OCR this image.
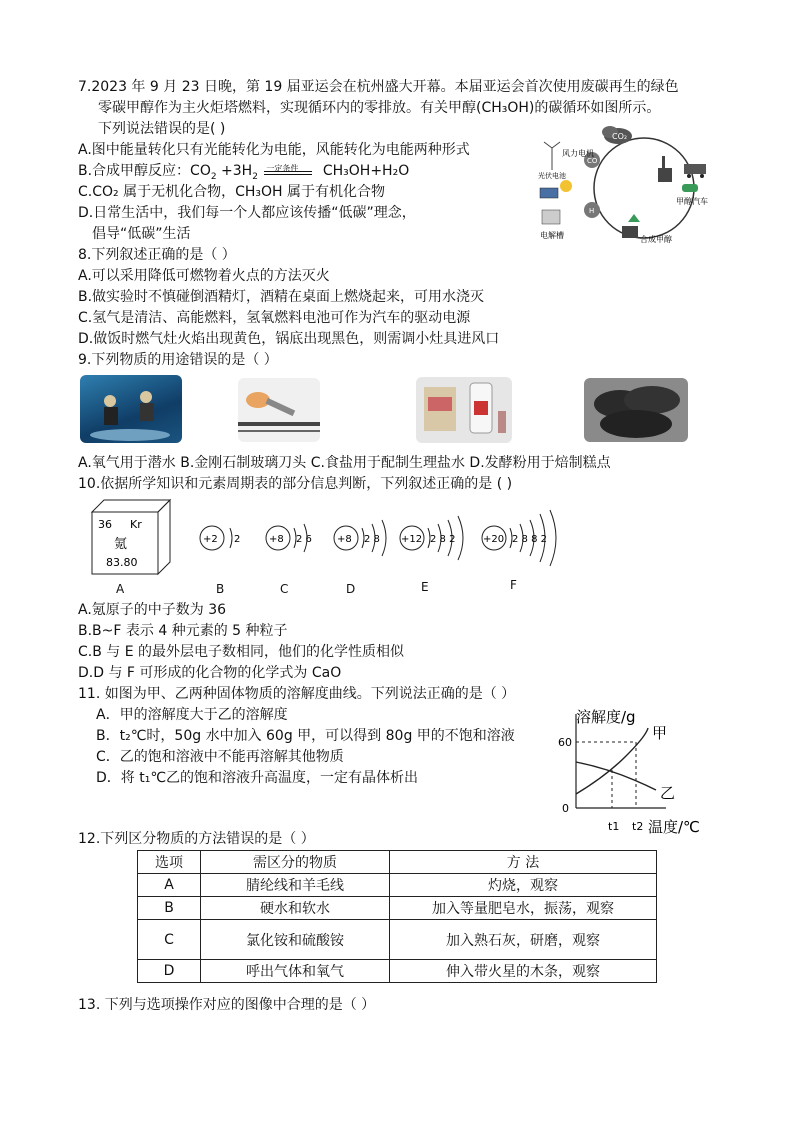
7.2023 年 9 月 23 日晚，第 19 届亚运会在杭州盛大开幕。本届亚运会首次使用废碳再生的绿色
零碳甲醇作为主火炬塔燃料，实现循环内的零排放。有关甲醇(CH₃OH)的碳循环如图所示。
下列说法错误的是( )
A.图中能量转化只有光能转化为电能，风能转化为电能两种形式
B.合成甲醇反应：$CO_2 +3H_2$
一定条件 CH₃OH+H₂O
C.CO₂ 属于无机化合物，CH₃OH 属于有机化合物
D.日常生活中，我们每一个人都应该传播“低碳”理念，
倡导“低碳”生活
CO₂
CO
H
风力电机
光伏电池
电解槽
甲醇汽车
合成甲醇
8.下列叙述正确的是（ ）
A.可以采用降低可燃物着火点的方法灭火
B.做实验时不慎碰倒酒精灯，酒精在桌面上燃烧起来，可用水浇灭
C.氢气是清洁、高能燃料，氢氧燃料电池可作为汽车的驱动电源
D.做饭时燃气灶火焰出现黄色，锅底出现黑色，则需调小灶具进风口
9.下列物质的用途错误的是（ ）
A.氧气用于潜水 B.金刚石制玻璃刀头 C.食盐用于配制生理盐水 D.发酵粉用于焙制糕点
10.依据所学知识和元素周期表的部分信息判断，下列叙述正确的是 ( )
36 Kr
氪
83.80
A
+2 2	+8 2 6	+8 2 8 +12 2 8 2	+20 2 8 8 2
B	C	D	E	F
A.氪原子的中子数为 36
B.B~F 表示 4 种元素的 5 种粒子
C.B 与 E 的最外层电子数相同，他们的化学性质相似
D.D 与 F 可形成的化合物的化学式为 CaO
11. 如图为甲、乙两种固体物质的溶解度曲线。下列说法正确的是（ ）
A．甲的溶解度大于乙的溶解度
B．t₂℃时，50g 水中加入 60g 甲，可以得到 80g 甲的不饱和溶液
C．乙的饱和溶液中不能再溶解其他物质
D．将 t₁℃乙的饱和溶液升高温度，一定有晶体析出
溶解度/g
60
0
甲
乙
t1 t2 温度/℃
12.下列区分物质的方法错误的是（ ）
选项	需区分的物质	方 法
A	腈纶线和羊毛线	灼烧，观察
B	硬水和软水	加入等量肥皂水，振荡，观察
C	氯化铵和硫酸铵	加入熟石灰，研磨，观察
D	呼出气体和氧气	伸入带火星的木条，观察
13. 下列与选项操作对应的图像中合理的是（ ）
